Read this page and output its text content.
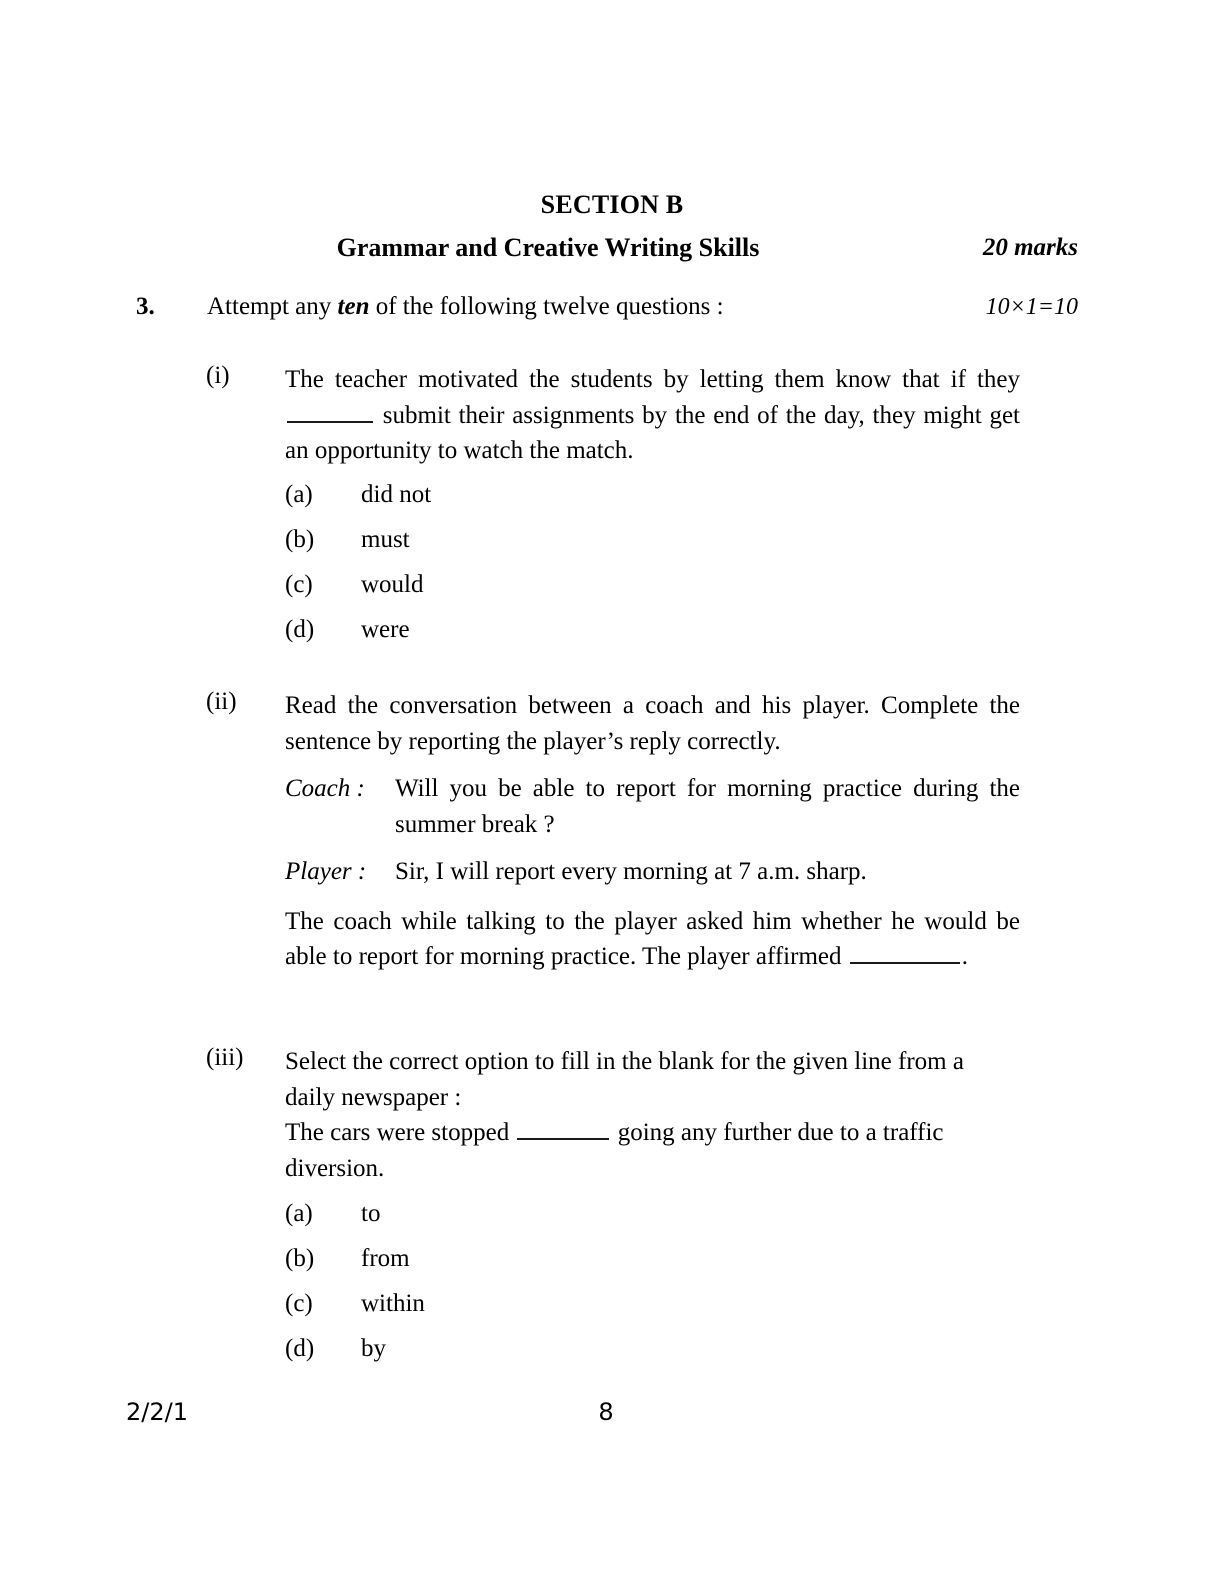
SECTION B
Grammar and Creative Writing Skills	20 marks
3. Attempt any ten of the following twelve questions :	10×1=10
(i)	The teacher motivated the students by letting them know that if they  submit their assignments by the end of the day, they might get an opportunity to watch the match.

(a)	did not
(b)	must
(c)	would
(d)	were
(ii)	Read the conversation between a coach and his player. Complete the sentence by reporting the player’s reply correctly.

Coach :	Will you be able to report for morning practice during the summer break ?
Player :	Sir, I will report every morning at 7 a.m. sharp.

The coach while talking to the player asked him whether he would be able to report for morning practice. The player affirmed	.

(iii)	Select the correct option to fill in the blank for the given line from a daily newspaper :

The cars were stopped	going any further due to a traffic diversion.

(a)	to
(b)	from
(c)	within
(d)	by
2/2/1	8
